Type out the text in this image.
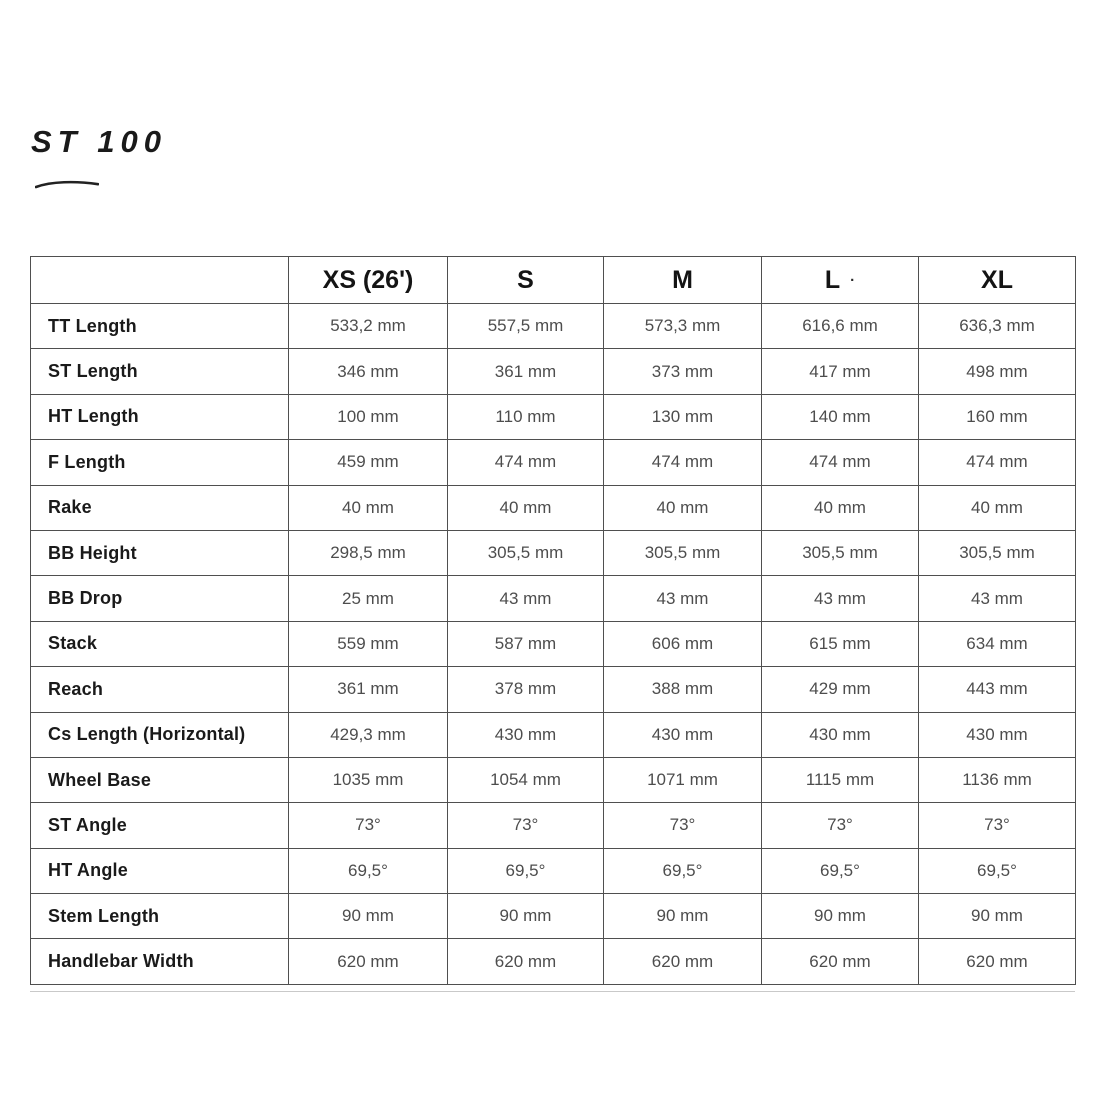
ST 100
	XS (26')	S	M	L ·	XL
TT Length	533,2 mm	557,5 mm	573,3 mm	616,6 mm	636,3 mm
ST Length	346 mm	361 mm	373 mm	417 mm	498 mm
HT Length	100 mm	110 mm	130 mm	140 mm	160 mm
F Length	459 mm	474 mm	474 mm	474 mm	474 mm
Rake	40 mm	40 mm	40 mm	40 mm	40 mm
BB Height	298,5 mm	305,5 mm	305,5 mm	305,5 mm	305,5 mm
BB Drop	25 mm	43 mm	43 mm	43 mm	43 mm
Stack	559 mm	587 mm	606 mm	615 mm	634 mm
Reach	361 mm	378 mm	388 mm	429 mm	443 mm
Cs Length (Horizontal)	429,3 mm	430 mm	430 mm	430 mm	430 mm
Wheel Base	1035 mm	1054 mm	1071 mm	1115 mm	1136 mm
ST Angle	73°	73°	73°	73°	73°
HT Angle	69,5°	69,5°	69,5°	69,5°	69,5°
Stem Length	90 mm	90 mm	90 mm	90 mm	90 mm
Handlebar Width	620 mm	620 mm	620 mm	620 mm	620 mm
